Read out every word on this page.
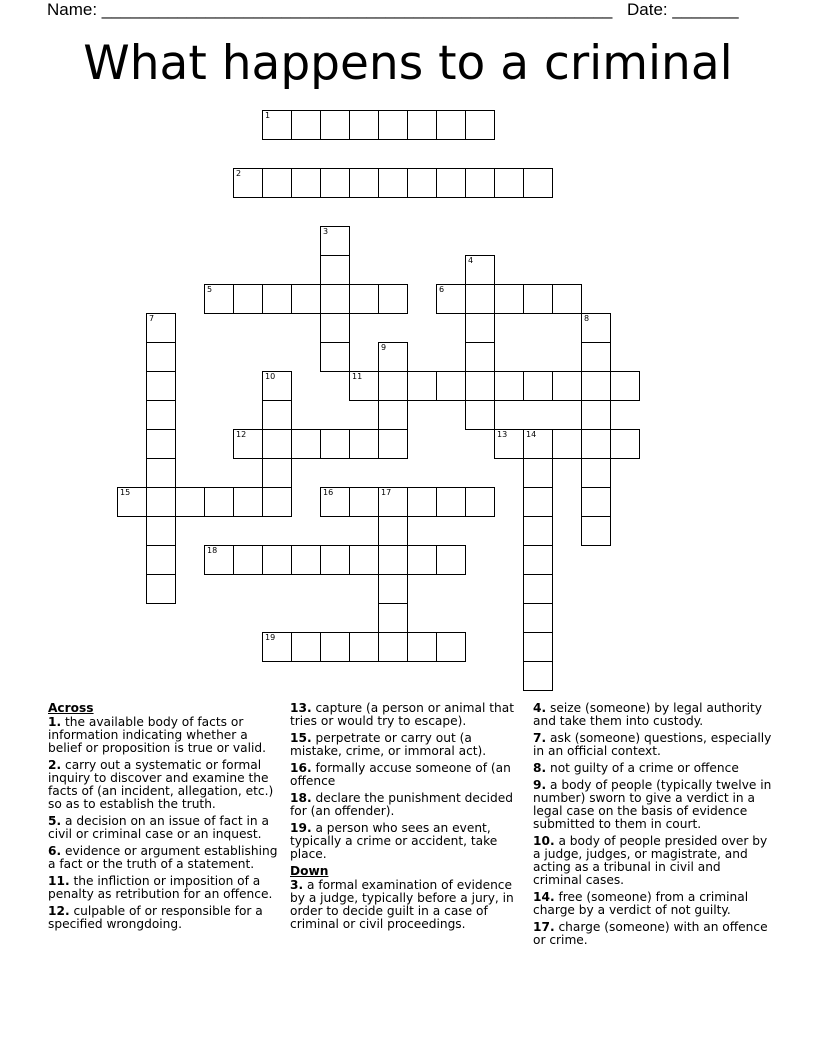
Name: ______________________________________________________ Date: _______
What happens to a criminal
1
2
3
4
5	6
7	8
9
10	11
12	13 14
15	16	17
18
19
Across
1. the available body of facts or information indicating whether a belief or proposition is true or valid.
2. carry out a systematic or formal inquiry to discover and examine the facts of (an incident, allegation, etc.) so as to establish the truth.
5. a decision on an issue of fact in a civil or criminal case or an inquest.
6. evidence or argument establishing a fact or the truth of a statement.
11. the infliction or imposition of a penalty as retribution for an offence.
12. culpable of or responsible for a specified wrongdoing.
13. capture (a person or animal that tries or would try to escape).
15. perpetrate or carry out (a mistake, crime, or immoral act).
16. formally accuse someone of (an offence
18. declare the punishment decided for (an offender).
19. a person who sees an event, typically a crime or accident, take place.
Down
3. a formal examination of evidence by a judge, typically before a jury, in order to decide guilt in a case of criminal or civil proceedings.
4. seize (someone) by legal authority and take them into custody.
7. ask (someone) questions, especially in an official context.
8. not guilty of a crime or offence
9. a body of people (typically twelve in number) sworn to give a verdict in a legal case on the basis of evidence submitted to them in court.
10. a body of people presided over by a judge, judges, or magistrate, and acting as a tribunal in civil and criminal cases.
14. free (someone) from a criminal charge by a verdict of not guilty.
17. charge (someone) with an offence or crime.
